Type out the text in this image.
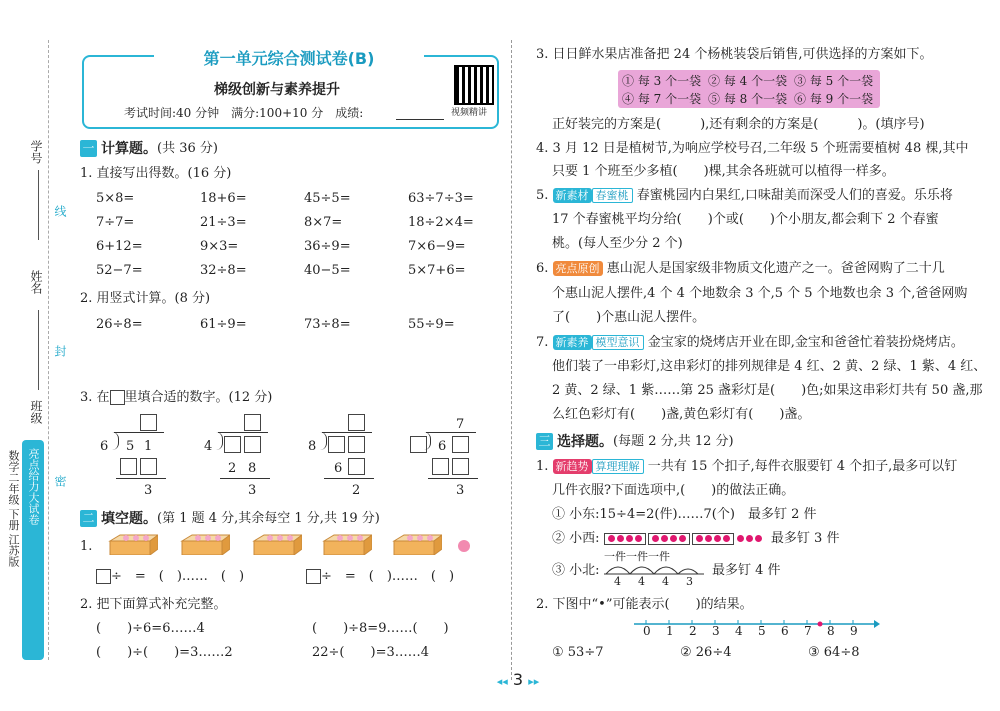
学号
姓名
班级
线
封
密
亮点给力大试卷
数学二年级 下册 江苏版
第一单元综合测试卷(B)
梯级创新与素养提升
考试时间:40 分钟　满分:100+10 分　成绩:	视频精讲
一 计算题。 (共 36 分)
1. 直接写出得数。(16 分)
5×8=	18+6=	45÷5=	63÷7÷3=
7÷7=	21÷3=	8×7=	18÷2×4=
6+12=	9×3=	36÷9=	7×6−9=
52−7=	32÷8=	40−5=	5×7+6=
2. 用竖式计算。(8 分)
26÷8=	61÷9=	73÷8=	55÷9=
3. 在 里填合适的数字。(12 分)
6 5 1
3
4
2 8
3
8
6
2
7
6
3
二 填空题。 (第 1 题 4 分,其余每空 1 分,共 19 分)
1.
÷　=　(　)……　(　)	÷　=　(　)……　(　)
2. 把下面算式补充完整。
(　　)÷6=6……4	(　　)÷8=9……(　　)
(　　)÷(　　)=3……2	22÷(　　)=3……4
3. 日日鲜水果店准备把 24 个杨桃装袋后销售,可供选择的方案如下。
① 每 3 个一袋 ② 每 4 个一袋 ③ 每 5 个一袋
④ 每 7 个一袋 ⑤ 每 8 个一袋 ⑥ 每 9 个一袋
正好装完的方案是(　　　),还有剩余的方案是(　　　)。(填序号)
4. 3 月 12 日是植树节,为响应学校号召,二年级 5 个班需要植树 48 棵,其中
只要 1 个班至少多植(　　)棵,其余各班就可以植得一样多。
5. 新素材 春蜜桃 春蜜桃园内白果红,口味甜美而深受人们的喜爱。乐乐将
17 个春蜜桃平均分给(　　)个或(　　)个小朋友,都会剩下 2 个春蜜
桃。(每人至少分 2 个)
6. 亮点原创 惠山泥人是国家级非物质文化遗产之一。爸爸网购了二十几
个惠山泥人摆件,4 个 4 个地数余 3 个,5 个 5 个地数也余 3 个,爸爸网购
了(　　)个惠山泥人摆件。
7. 新素养 模型意识 金宝家的烧烤店开业在即,金宝和爸爸忙着装扮烧烤店。
他们装了一串彩灯,这串彩灯的排列规律是 4 红、2 黄、2 绿、1 紫、4 红、
2 黄、2 绿、1 紫……第 25 盏彩灯是(　　)色;如果这串彩灯共有 50 盏,那
么红色彩灯有(　　)盏,黄色彩灯有(　　)盏。
三 选择题。 (每题 2 分,共 12 分)
1. 新趋势 算理理解 一共有 15 个扣子,每件衣服要钉 4 个扣子,最多可以钉
几件衣服?下面选项中,(　　)的做法正确。
① 小东:15÷4=2(件)……7(个)　最多钉 2 件
② 小西:	最多钉 3 件
③ 小北:
一件一件一件
4 4 4 3
最多钉 4 件
2. 下图中“•”可能表示(　　)的结果。
0 1 2 3 4 5 6 7 8 9
① 53÷7	② 26÷4	③ 64÷8
◂◂ 3 ▸▸
